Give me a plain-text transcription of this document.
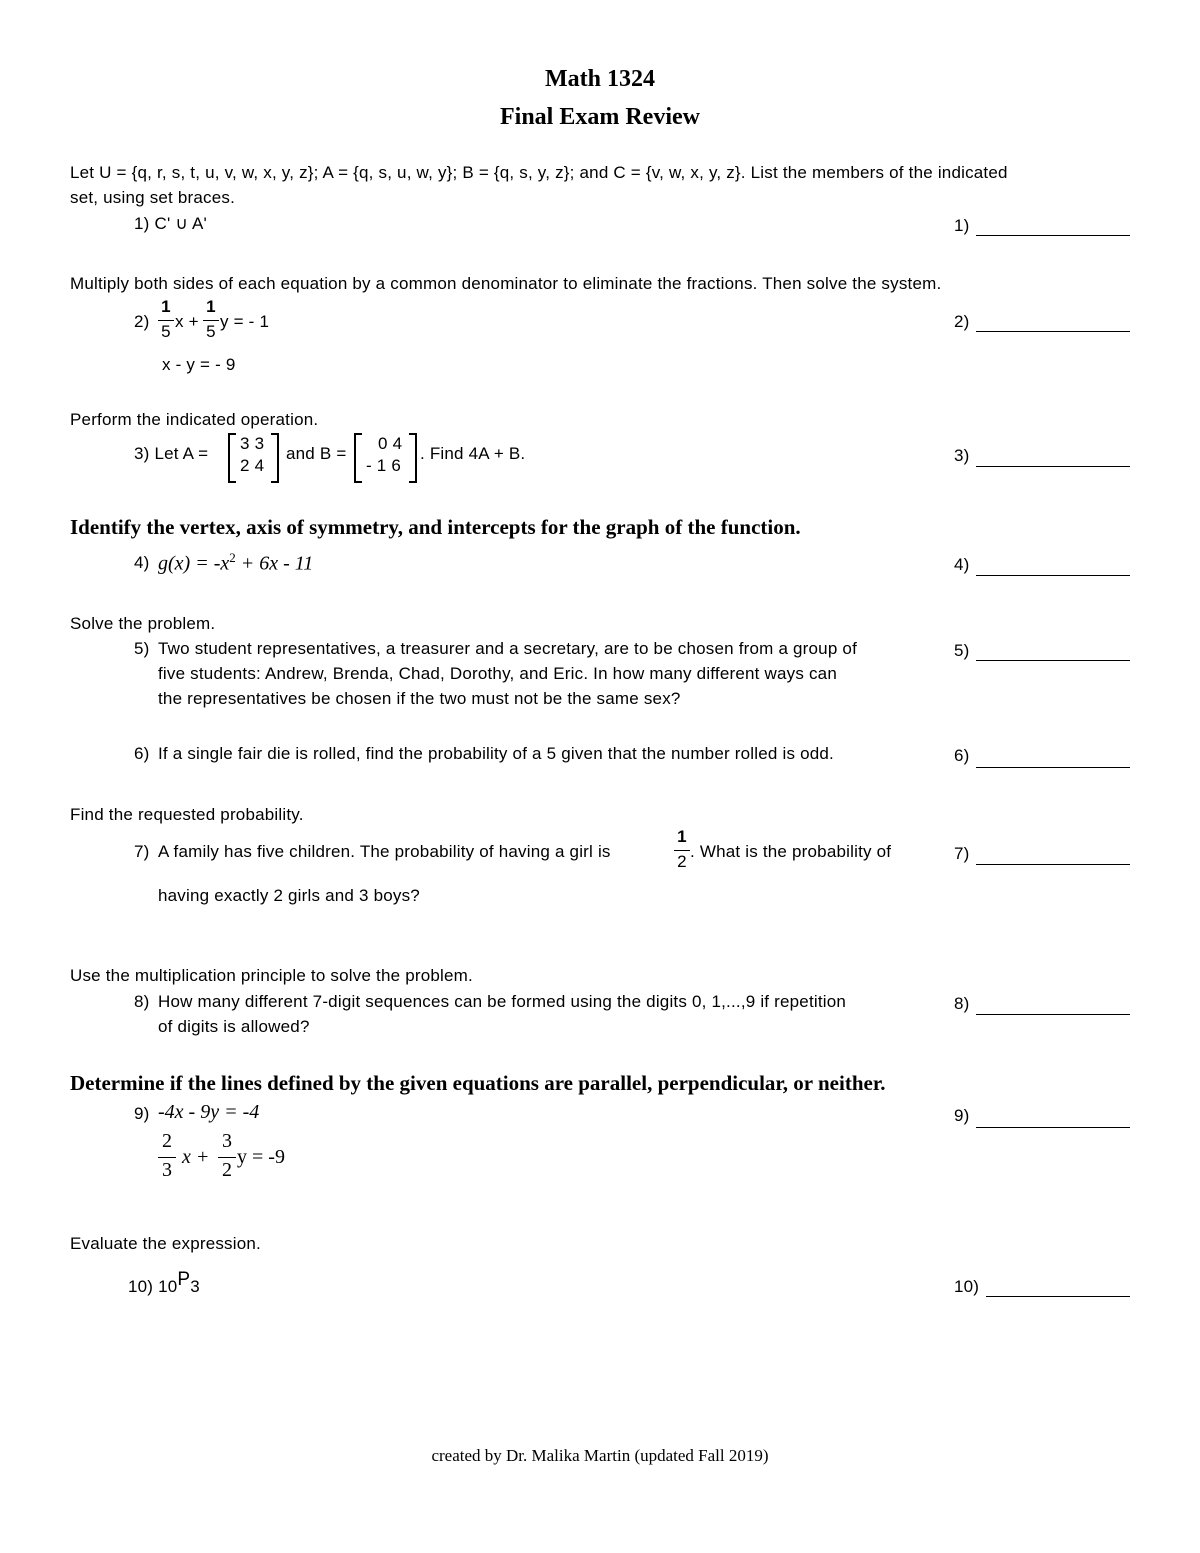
Math 1324
Final Exam Review
Let U = {q, r, s, t, u, v, w, x, y, z}; A = {q, s, u, w, y}; B = {q, s, y, z}; and C = {v, w, x, y, z}. List the members of the indicated
set, using set braces.
1) C' ∪ A'	1)
Multiply both sides of each equation by a common denominator to eliminate the fractions. Then solve the system.
2)
1
5
x +
1
5
y = - 1
x - y = - 9
2)
Perform the indicated operation.
3) Let A =
3 3
2 4
and B =
0 4
- 1 6
. Find 4A + B.	3)
Identify the vertex, axis of symmetry, and intercepts for the graph of the function.
4) $g(x) = -x^2 + 6x - 11$	4)
Solve the problem.
5) Two student representatives, a treasurer and a secretary, are to be chosen from a group of
five students: Andrew, Brenda, Chad, Dorothy, and Eric. In how many different ways can
the representatives be chosen if the two must not be the same sex?
5)
6) If a single fair die is rolled, find the probability of a 5 given that the number rolled is odd.	6)
Find the requested probability.
7) A family has five children. The probability of having a girl is
1
2
. What is the probability of
having exactly 2 girls and 3 boys?
7)
Use the multiplication principle to solve the problem.
8) How many different 7-digit sequences can be formed using the digits 0, 1,...,9 if repetition
of digits is allowed?
8)
Determine if the lines defined by the given equations are parallel, perpendicular, or neither.
9) -4x - 9y = -4
2
3
x +
3
2
y = -9
9)
Evaluate the expression.
10) 10P3	10)
created by Dr. Malika Martin (updated Fall 2019)
